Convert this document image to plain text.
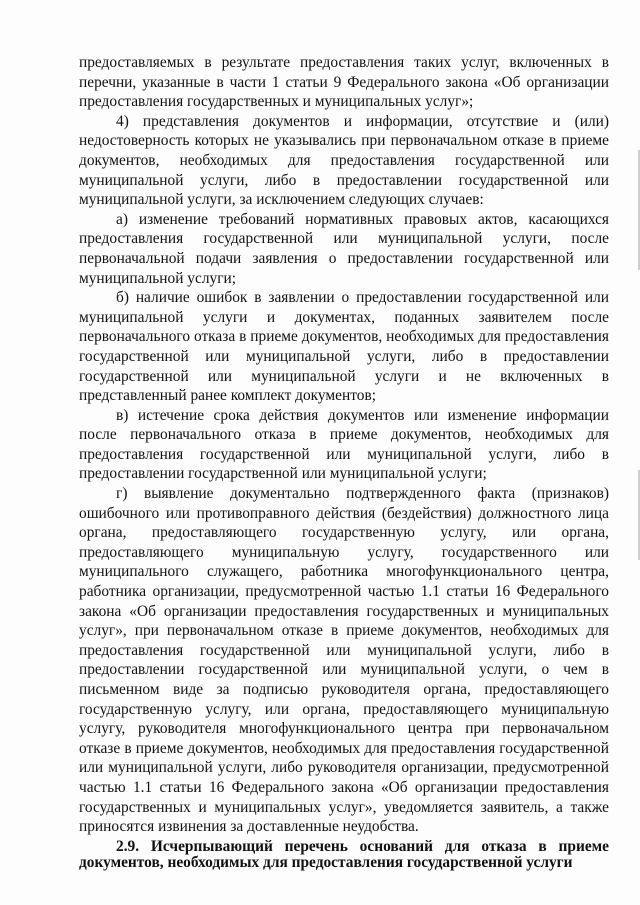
предоставляемых в результате предоставления таких услуг, включенных в перечни, указанные в части 1 статьи 9 Федерального закона «Об организации предоставления государственных и муниципальных услуг»;

4) представления документов и информации, отсутствие и (или) недостоверность которых не указывались при первоначальном отказе в приеме документов, необходимых для предоставления государственной или муниципальной услуги, либо в предоставлении государственной или муниципальной услуги, за исключением следующих случаев:

а) изменение требований нормативных правовых актов, касающихся предоставления государственной или муниципальной услуги, после первоначальной подачи заявления о предоставлении государственной или муниципальной услуги;

б) наличие ошибок в заявлении о предоставлении государственной или муниципальной услуги и документах, поданных заявителем после первоначального отказа в приеме документов, необходимых для предоставления государственной или муниципальной услуги, либо в предоставлении государственной или муниципальной услуги и не включенных в представленный ранее комплект документов;

в) истечение срока действия документов или изменение информации после первоначального отказа в приеме документов, необходимых для предоставления государственной или муниципальной услуги, либо в предоставлении государственной или муниципальной услуги;

г) выявление документально подтвержденного факта (признаков) ошибочного или противоправного действия (бездействия) должностного лица органа, предоставляющего государственную услугу, или органа, предоставляющего муниципальную услугу, государственного или муниципального служащего, работника многофункционального центра, работника организации, предусмотренной частью 1.1 статьи 16 Федерального закона «Об организации предоставления государственных и муниципальных услуг», при первоначальном отказе в приеме документов, необходимых для предоставления государственной или муниципальной услуги, либо в предоставлении государственной или муниципальной услуги, о чем в письменном виде за подписью руководителя органа, предоставляющего государственную услугу, или органа, предоставляющего муниципальную услугу, руководителя многофункционального центра при первоначальном отказе в приеме документов, необходимых для предоставления государственной или муниципальной услуги, либо руководителя организации, предусмотренной частью 1.1 статьи 16 Федерального закона «Об организации предоставления государственных и муниципальных услуг», уведомляется заявитель, а также приносятся извинения за доставленные неудобства.

2.9. Исчерпывающий перечень оснований для отказа в приеме документов, необходимых для предоставления государственной услуги
